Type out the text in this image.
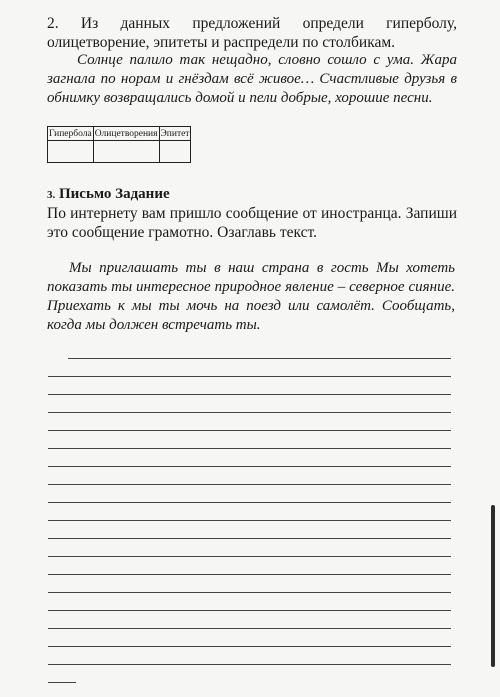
2.     Из     данных     предложений     определи     гиперболу,
олицетворение, эпитеты и распредели по столбикам.
Солнце палило так нещадно, словно сошло с ума. Жара загнала по норам и гнёздам всё живое… Счастливые друзья в обнимку возвращались домой и пели добрые, хорошие песни.
Гипербола	Олицетворения	Эпитет

3. Письмо Задание
По интернету вам пришло сообщение от иностранца. Запиши это сообщение грамотно. Озаглавь текст.
Мы приглашать ты в наш страна в гость Мы хотеть показать ты интересное природное явление – северное сияние. Приехать к мы ты мочь на поезд или самолёт. Сообщать, когда мы должен встречать ты.
